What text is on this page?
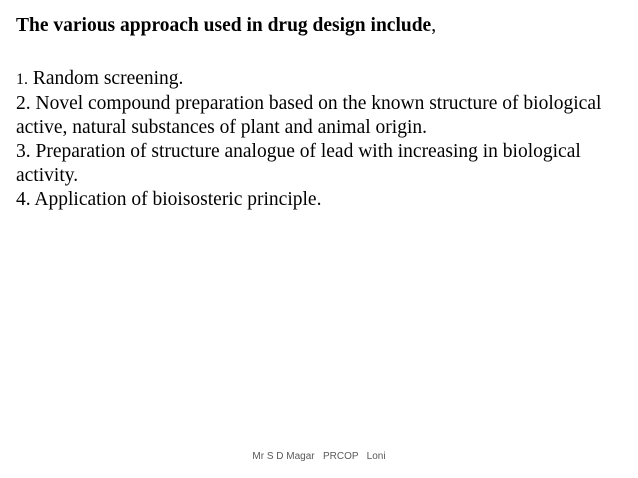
The various approach used in drug design include,

1. Random screening.

2. Novel compound preparation based on the known structure of biological active, natural substances of plant and animal origin.

3. Preparation of structure analogue of lead with increasing in biological activity.

4. Application of bioisosteric principle.

Mr S D Magar   PRCOP   Loni
